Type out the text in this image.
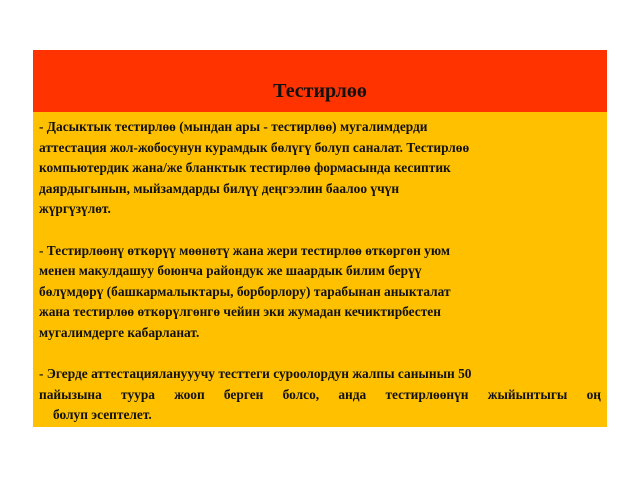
Тестирлөө
- Дасыктык тестирлөө (мындан ары - тестирлөө) мугалимдерди
аттестация жол-жобосунун курамдык бөлүгү болуп саналат. Тестирлөө
компьютердик жана/же бланктык тестирлөө формасында кесиптик
даярдыгынын, мыйзамдарды билүү деңгээлин баалоо үчүн
жүргүзүлөт.
- Тестирлөөнү өткөрүү мөөнөтү жана жери тестирлөө өткөргөн уюм
менен макулдашуу боюнча райондук же шаардык билим берүү
бөлүмдөрү (башкармалыктары, борборлору) тарабынан аныкталат
жана тестирлөө өткөрүлгөнгө чейин эки жумадан кечиктирбестен
мугалимдерге кабарланат.
- Эгерде аттестацияланууучу тесттеги суроолордун жалпы санынын 50
пайызына туура жооп берген болсо, анда тестирлөөнүн жыйынтыгы оң
болуп эсептелет.
